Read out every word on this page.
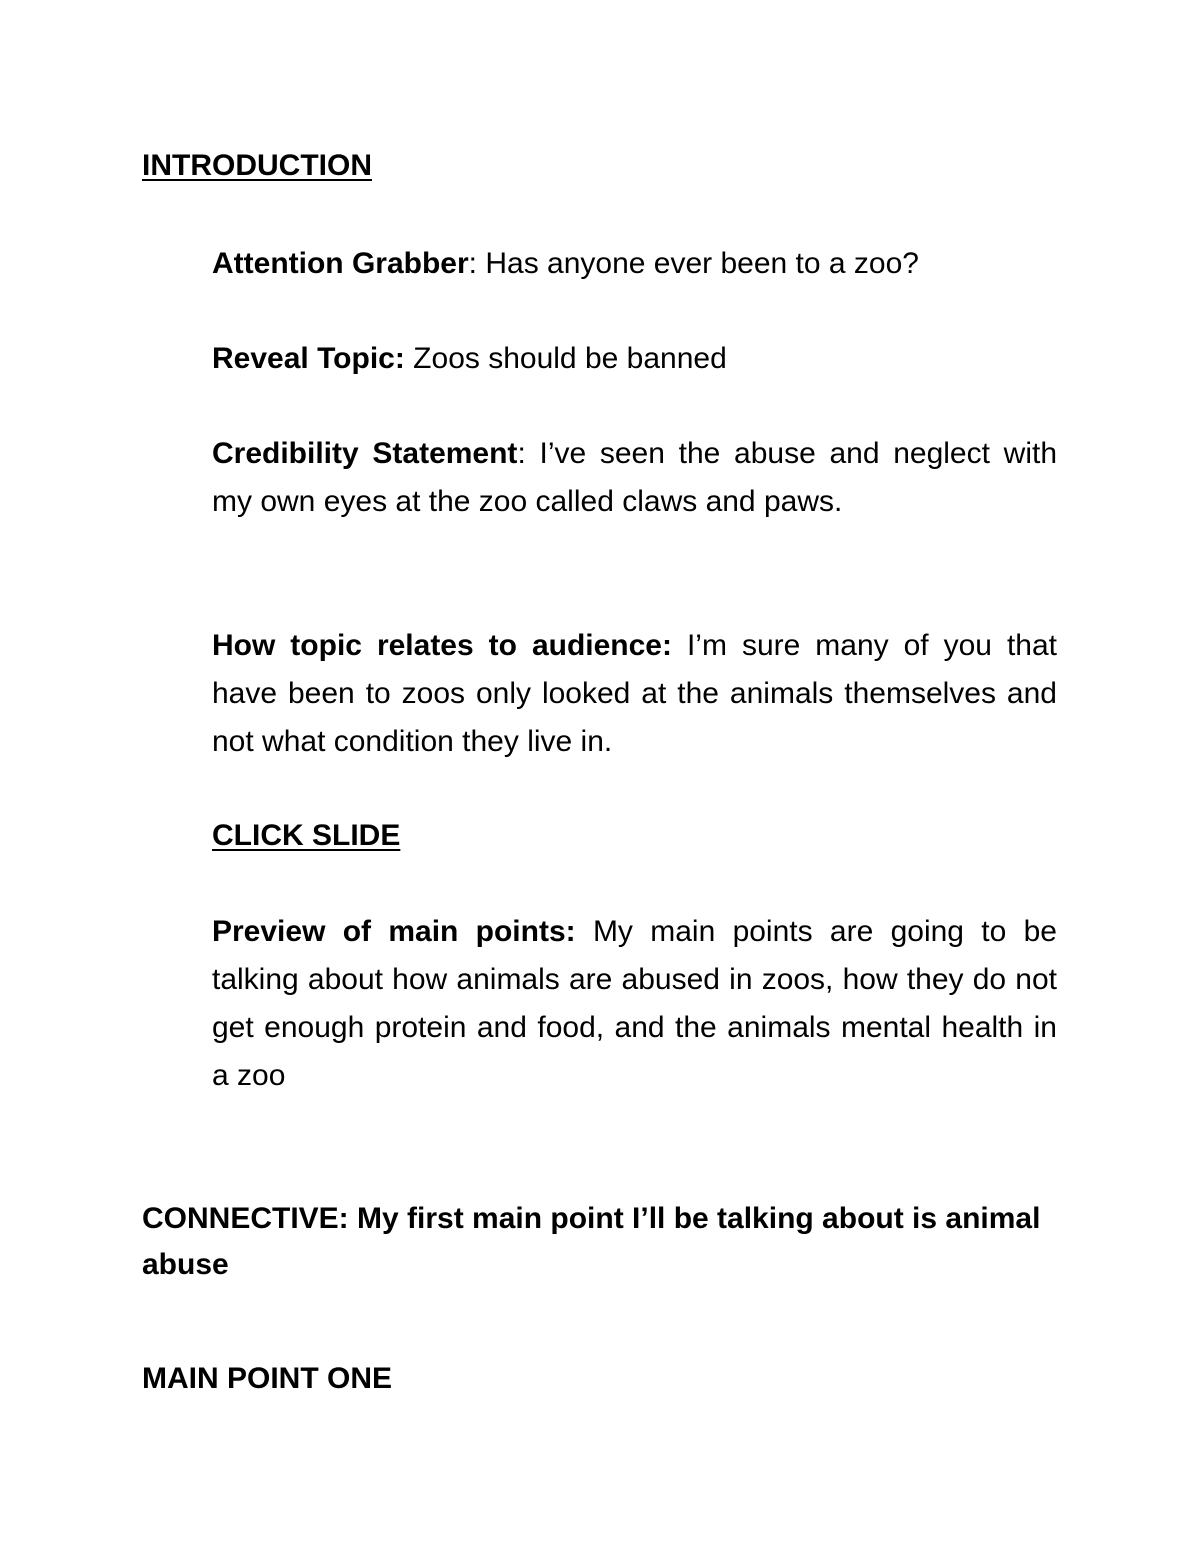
INTRODUCTION

Attention Grabber: Has anyone ever been to a zoo?

Reveal Topic: Zoos should be banned

Credibility Statement: I’ve seen the abuse and neglect with my own eyes at the zoo called claws and paws.

How topic relates to audience: I’m sure many of you that have been to zoos only looked at the animals themselves and not what condition they live in.

CLICK SLIDE

Preview of main points: My main points are going to be talking about how animals are abused in zoos, how they do not get enough protein and food, and the animals mental health in a zoo

CONNECTIVE: My first main point I’ll be talking about is animal abuse

MAIN POINT ONE
